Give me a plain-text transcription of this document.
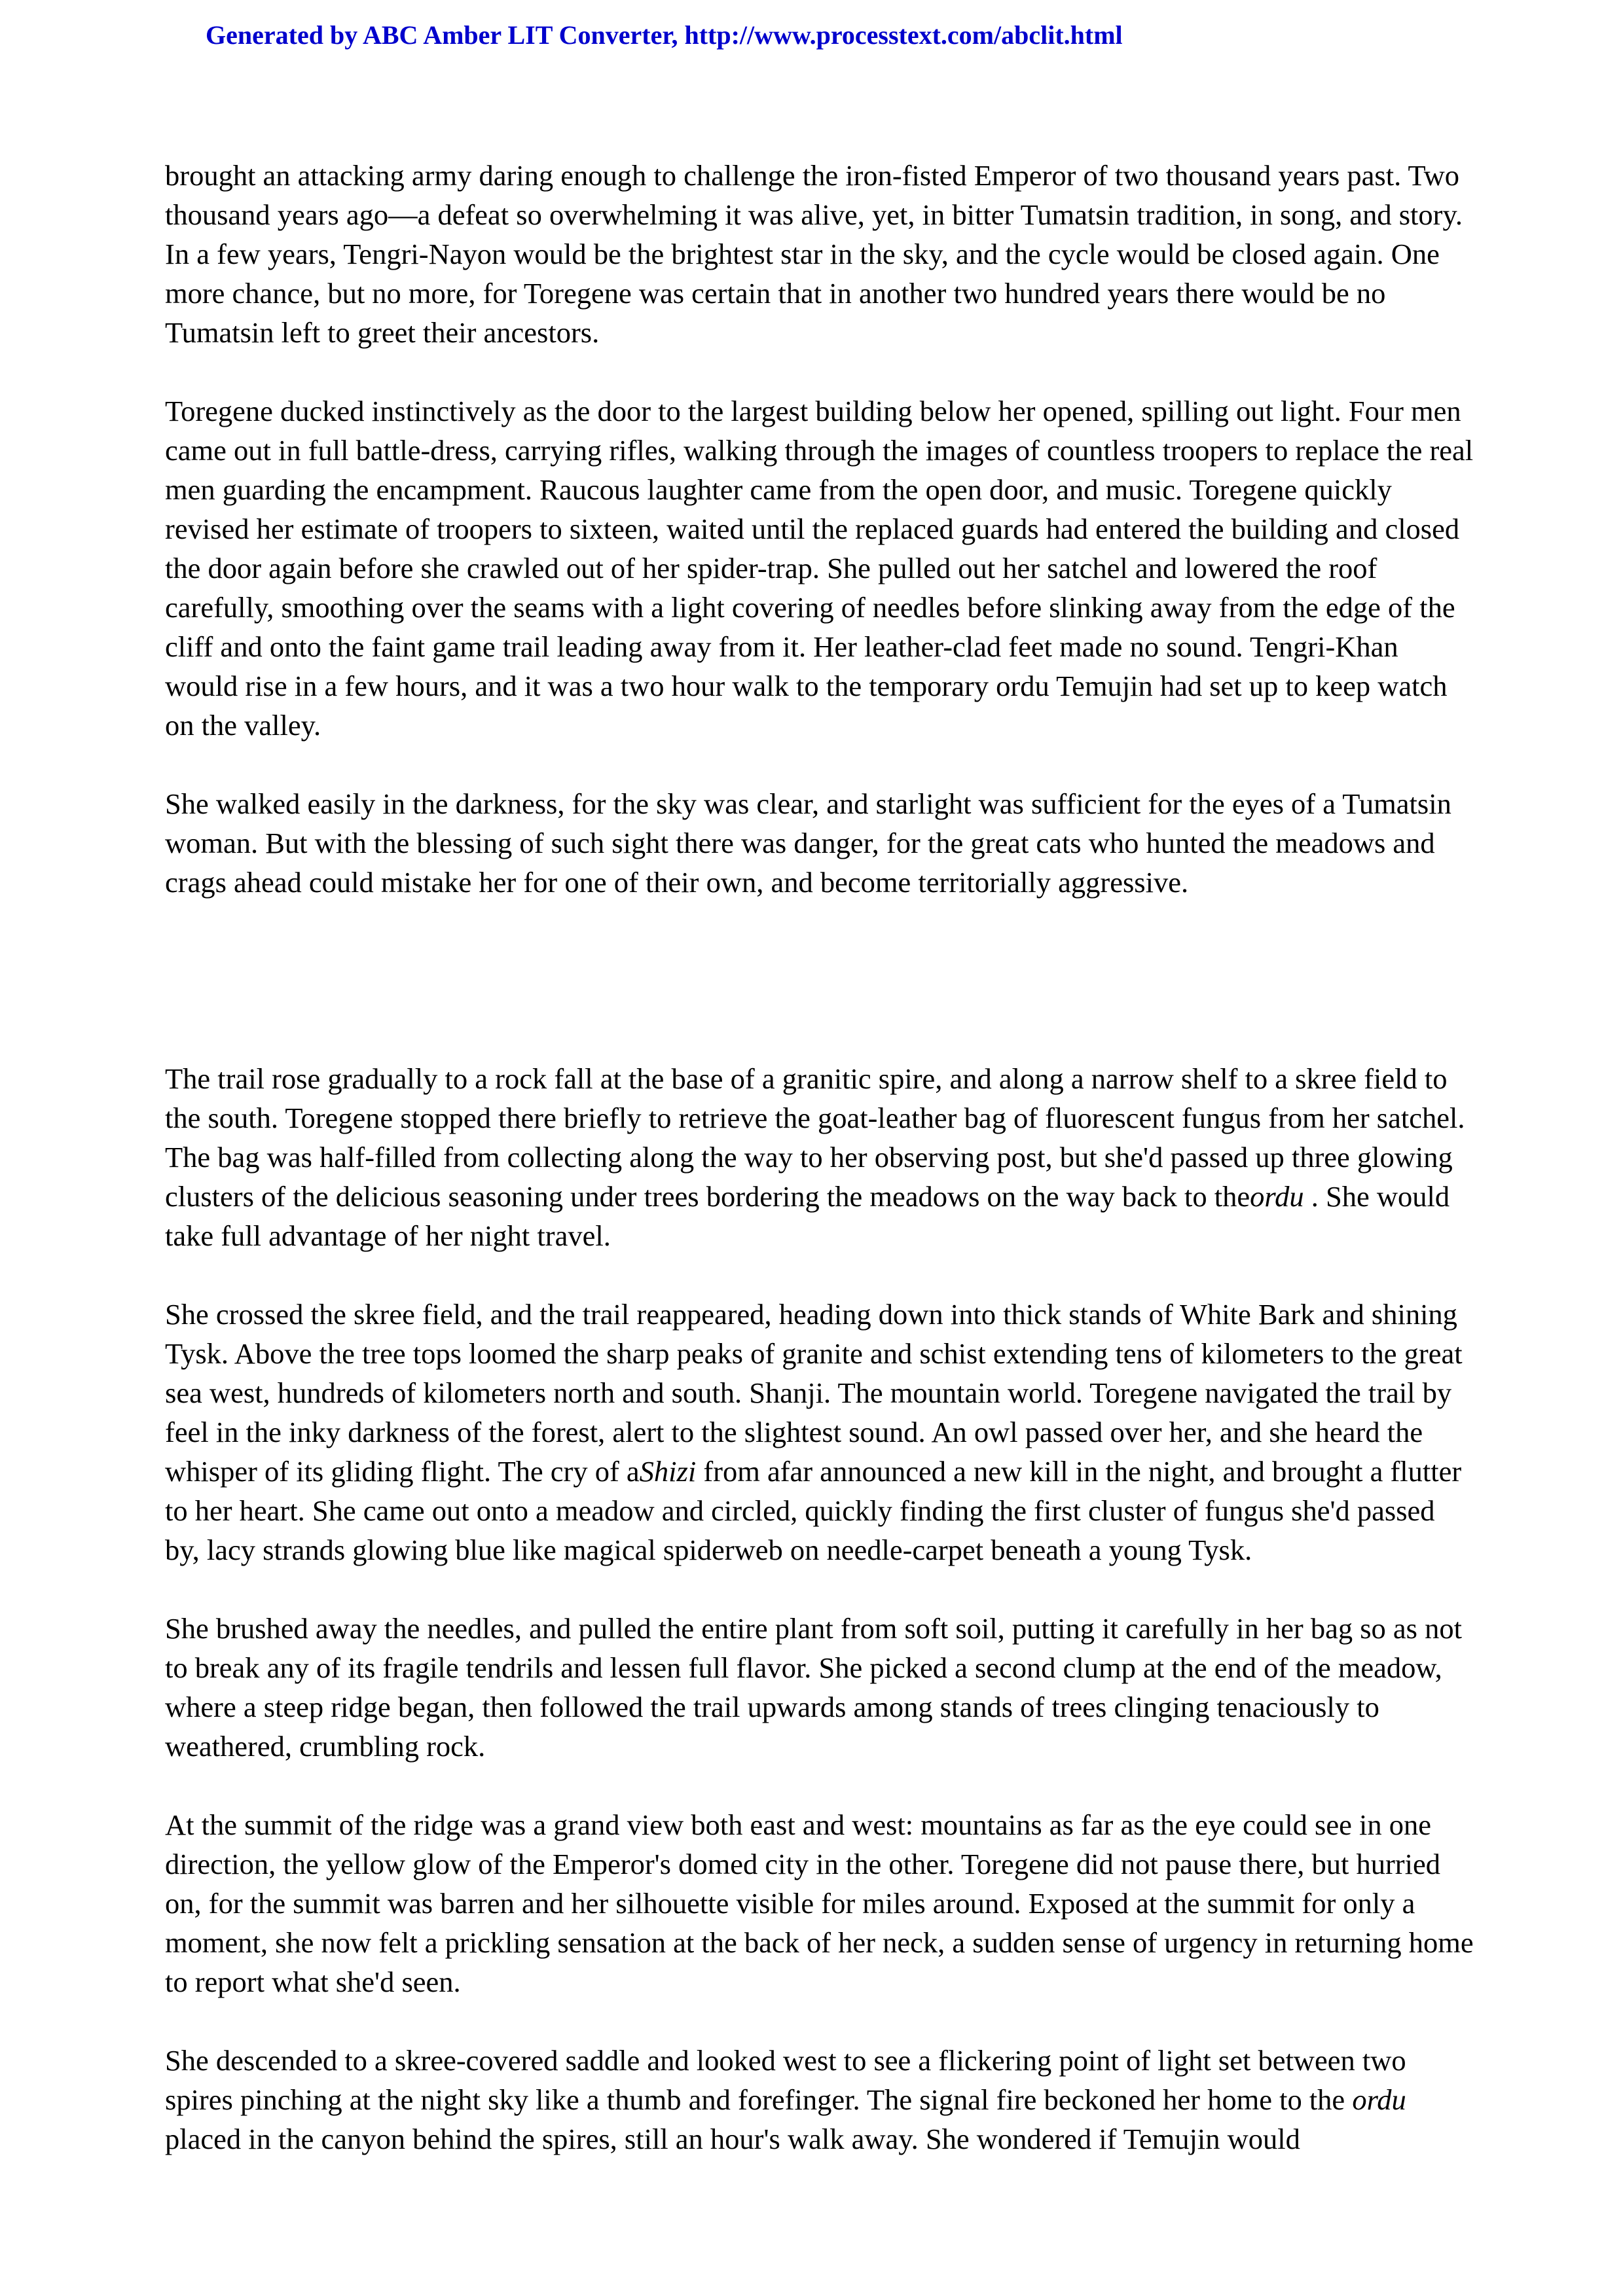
Generated by ABC Amber LIT Converter, http://www.processtext.com/abclit.html

brought an attacking army daring enough to challenge the iron-fisted Emperor of two thousand years past. Two thousand years ago—a defeat so overwhelming it was alive, yet, in bitter Tumatsin tradition, in song, and story. In a few years, Tengri-Nayon would be the brightest star in the sky, and the cycle would be closed again. One more chance, but no more, for Toregene was certain that in another two hundred years there would be no Tumatsin left to greet their ancestors.

Toregene ducked instinctively as the door to the largest building below her opened, spilling out light. Four men came out in full battle-dress, carrying rifles, walking through the images of countless troopers to replace the real men guarding the encampment. Raucous laughter came from the open door, and music. Toregene quickly revised her estimate of troopers to sixteen, waited until the replaced guards had entered the building and closed the door again before she crawled out of her spider-trap. She pulled out her satchel and lowered the roof carefully, smoothing over the seams with a light covering of needles before slinking away from the edge of the cliff and onto the faint game trail leading away from it. Her leather-clad feet made no sound. Tengri-Khan would rise in a few hours, and it was a two hour walk to the temporary ordu Temujin had set up to keep watch on the valley.

She walked easily in the darkness, for the sky was clear, and starlight was sufficient for the eyes of a Tumatsin woman. But with the blessing of such sight there was danger, for the great cats who hunted the meadows and crags ahead could mistake her for one of their own, and become territorially aggressive.

The trail rose gradually to a rock fall at the base of a granitic spire, and along a narrow shelf to a skree field to the south. Toregene stopped there briefly to retrieve the goat-leather bag of fluorescent fungus from her satchel. The bag was half-filled from collecting along the way to her observing post, but she'd passed up three glowing clusters of the delicious seasoning under trees bordering the meadows on the way back to theordu . She would take full advantage of her night travel.

She crossed the skree field, and the trail reappeared, heading down into thick stands of White Bark and shining Tysk. Above the tree tops loomed the sharp peaks of granite and schist extending tens of kilometers to the great sea west, hundreds of kilometers north and south. Shanji. The mountain world. Toregene navigated the trail by feel in the inky darkness of the forest, alert to the slightest sound. An owl passed over her, and she heard the whisper of its gliding flight. The cry of aShizi from afar announced a new kill in the night, and brought a flutter to her heart. She came out onto a meadow and circled, quickly finding the first cluster of fungus she'd passed by, lacy strands glowing blue like magical spiderweb on needle-carpet beneath a young Tysk.

She brushed away the needles, and pulled the entire plant from soft soil, putting it carefully in her bag so as not to break any of its fragile tendrils and lessen full flavor. She picked a second clump at the end of the meadow, where a steep ridge began, then followed the trail upwards among stands of trees clinging tenaciously to weathered, crumbling rock.

At the summit of the ridge was a grand view both east and west: mountains as far as the eye could see in one direction, the yellow glow of the Emperor's domed city in the other. Toregene did not pause there, but hurried on, for the summit was barren and her silhouette visible for miles around. Exposed at the summit for only a moment, she now felt a prickling sensation at the back of her neck, a sudden sense of urgency in returning home to report what she'd seen.

She descended to a skree-covered saddle and looked west to see a flickering point of light set between two spires pinching at the night sky like a thumb and forefinger. The signal fire beckoned her home to the ordu placed in the canyon behind the spires, still an hour's walk away. She wondered if Temujin would
